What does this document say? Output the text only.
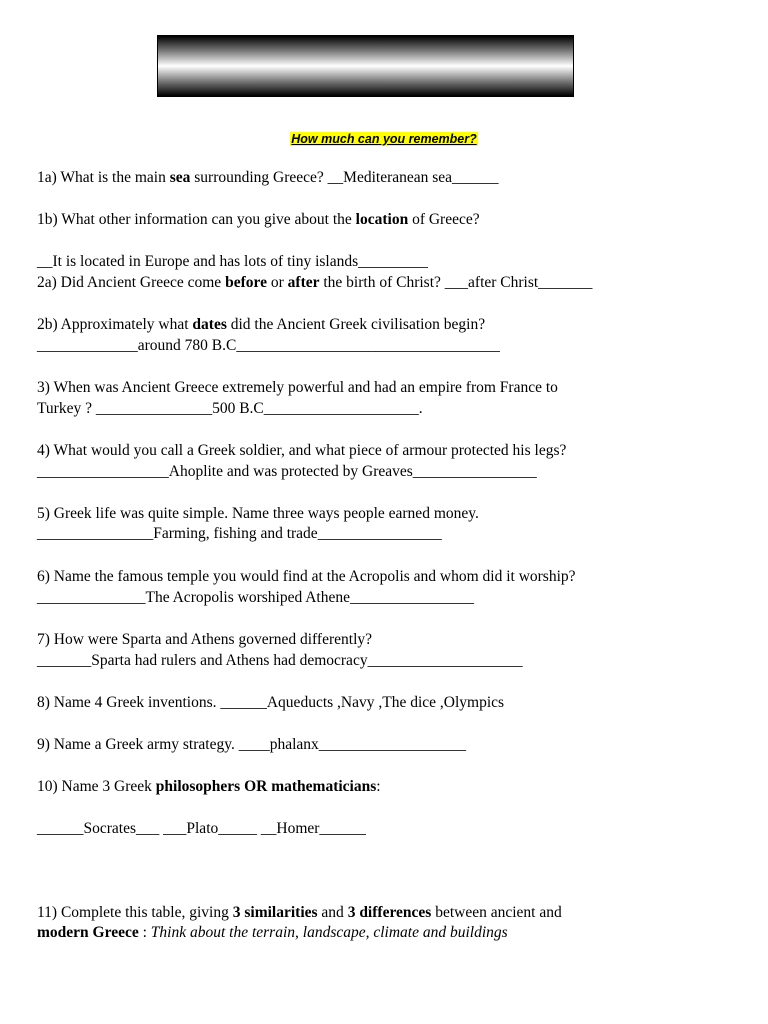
How much can you remember?
1a) What is the main sea surrounding Greece? __Mediteranean sea______
1b) What other information can you give about the location of Greece?
__It is located in Europe and has lots of tiny islands_________
2a) Did Ancient Greece come before or after the birth of Christ? ___after Christ_______
2b) Approximately what dates did the Ancient Greek civilisation begin?
_____________around 780 B.C__________________________________
3) When was Ancient Greece extremely powerful and had an empire from France to
Turkey ? _______________500 B.C____________________.
4) What would you call a Greek soldier, and what piece of armour protected his legs?
_________________Ahoplite and was protected by Greaves________________
5) Greek life was quite simple. Name three ways people earned money.
_______________Farming, fishing and trade________________
6) Name the famous temple you would find at the Acropolis and whom did it worship?
______________The Acropolis worshiped Athene________________
7) How were Sparta and Athens governed differently?
_______Sparta had rulers and Athens had democracy____________________
8) Name 4 Greek inventions. ______Aqueducts ,Navy ,The dice ,Olympics
9) Name a Greek army strategy. ____phalanx___________________
10) Name 3 Greek philosophers OR mathematicians:
______Socrates___ ___Plato_____ __Homer______
11) Complete this table, giving 3 similarities and 3 differences between ancient and
modern Greece : Think about the terrain, landscape, climate and buildings
